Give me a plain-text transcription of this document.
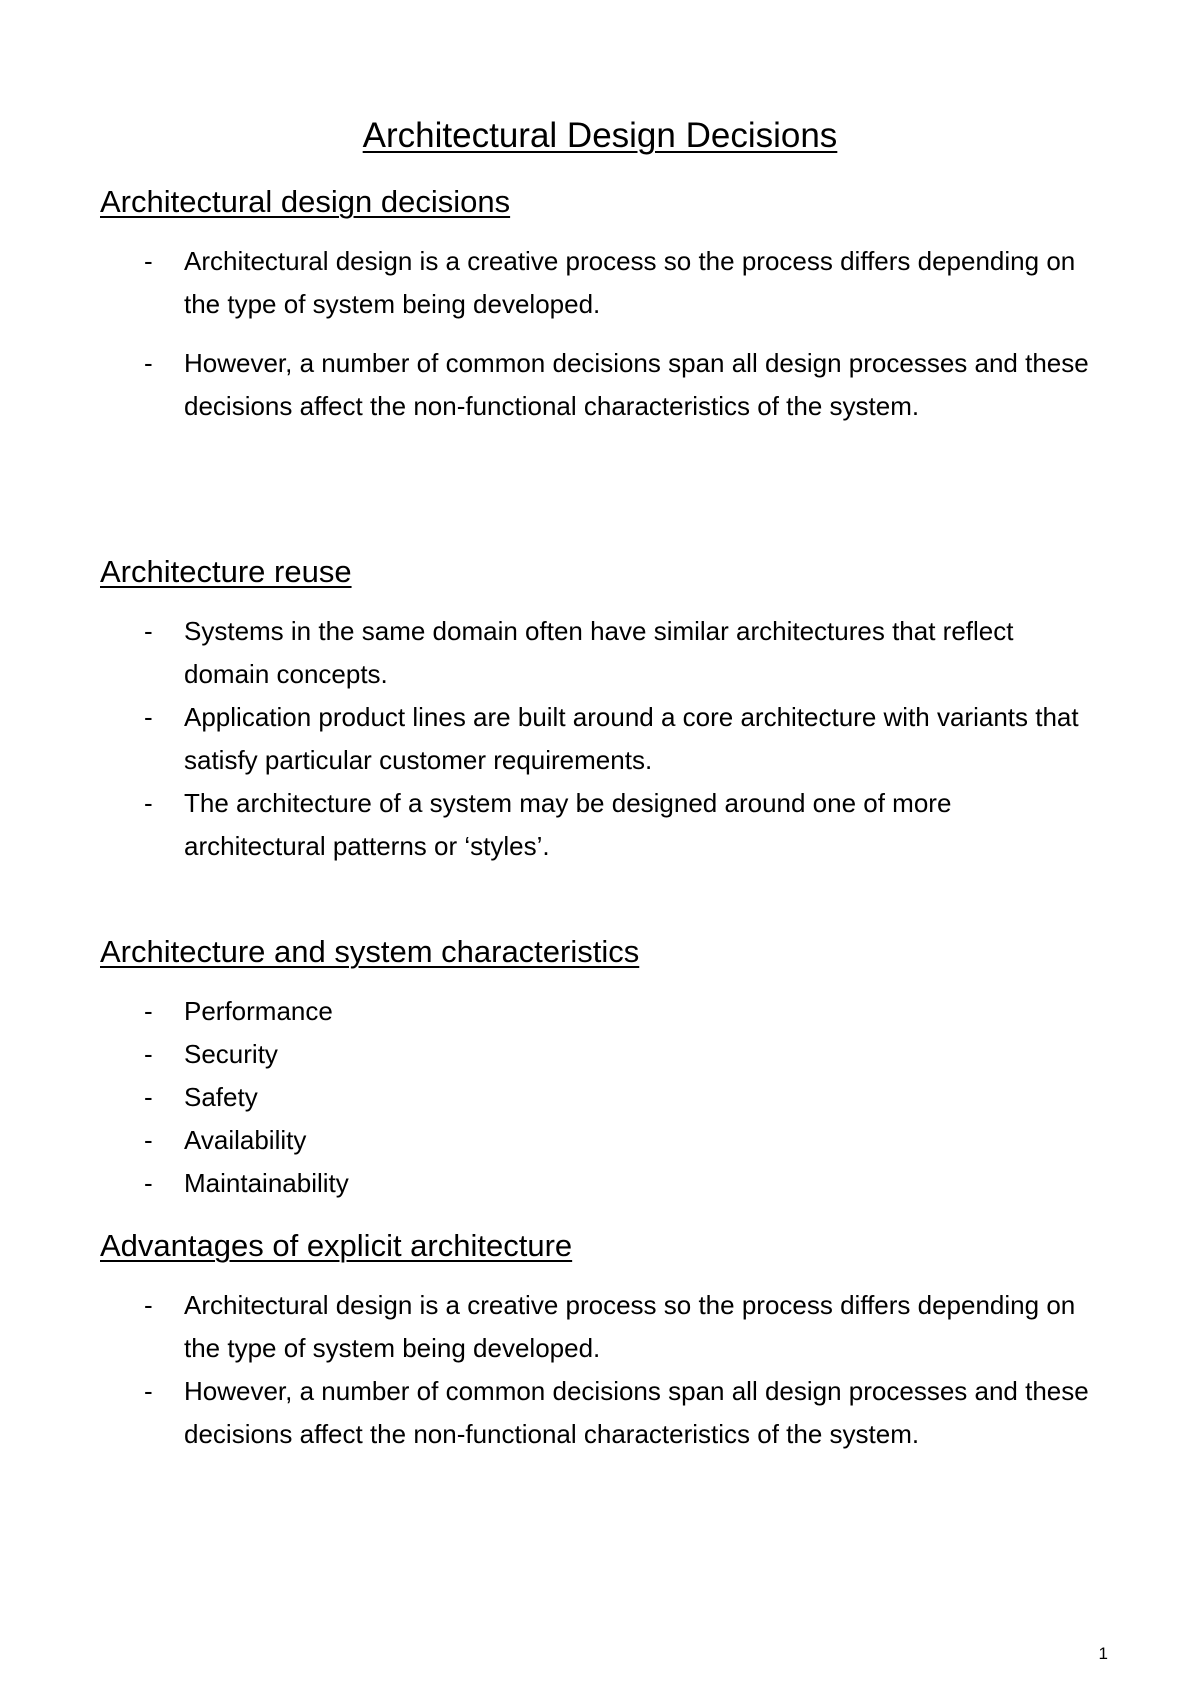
Architectural Design Decisions
Architectural design decisions
- Architectural design is a creative process so the process differs depending on the type of system being developed.
- However, a number of common decisions span all design processes and these decisions affect the non-functional characteristics of the system.
Architecture reuse
- Systems in the same domain often have similar architectures that reflect domain concepts.
- Application product lines are built around a core architecture with variants that satisfy particular customer requirements.
- The architecture of a system may be designed around one of more architectural patterns or ‘styles’.
Architecture and system characteristics
- Performance
- Security
- Safety
- Availability
- Maintainability
Advantages of explicit architecture
- Architectural design is a creative process so the process differs depending on the type of system being developed.
- However, a number of common decisions span all design processes and these decisions affect the non-functional characteristics of the system.
1
